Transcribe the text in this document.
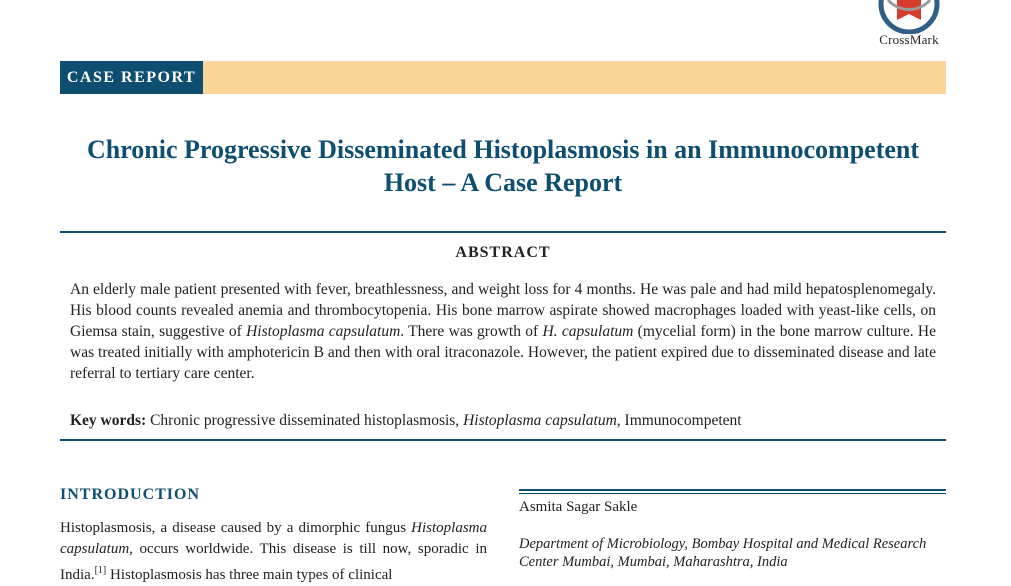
CrossMark
CASE REPORT
Chronic Progressive Disseminated Histoplasmosis in an Immunocompetent Host – A Case Report
ABSTRACT
An elderly male patient presented with fever, breathlessness, and weight loss for 4 months. He was pale and had mild hepatosplenomegaly. His blood counts revealed anemia and thrombocytopenia. His bone marrow aspirate showed macrophages loaded with yeast-like cells, on Giemsa stain, suggestive of Histoplasma capsulatum. There was growth of H. capsulatum (mycelial form) in the bone marrow culture. He was treated initially with amphotericin B and then with oral itraconazole. However, the patient expired due to disseminated disease and late referral to tertiary care center.
Key words: Chronic progressive disseminated histoplasmosis, Histoplasma capsulatum, Immunocompetent
INTRODUCTION
Histoplasmosis, a disease caused by a dimorphic fungus Histoplasma capsulatum, occurs worldwide. This disease is till now, sporadic in India.[1] Histoplasmosis has three main types of clinical
Asmita Sagar Sakle
Department of Microbiology, Bombay Hospital and Medical Research Center Mumbai, Mumbai, Maharashtra, India
